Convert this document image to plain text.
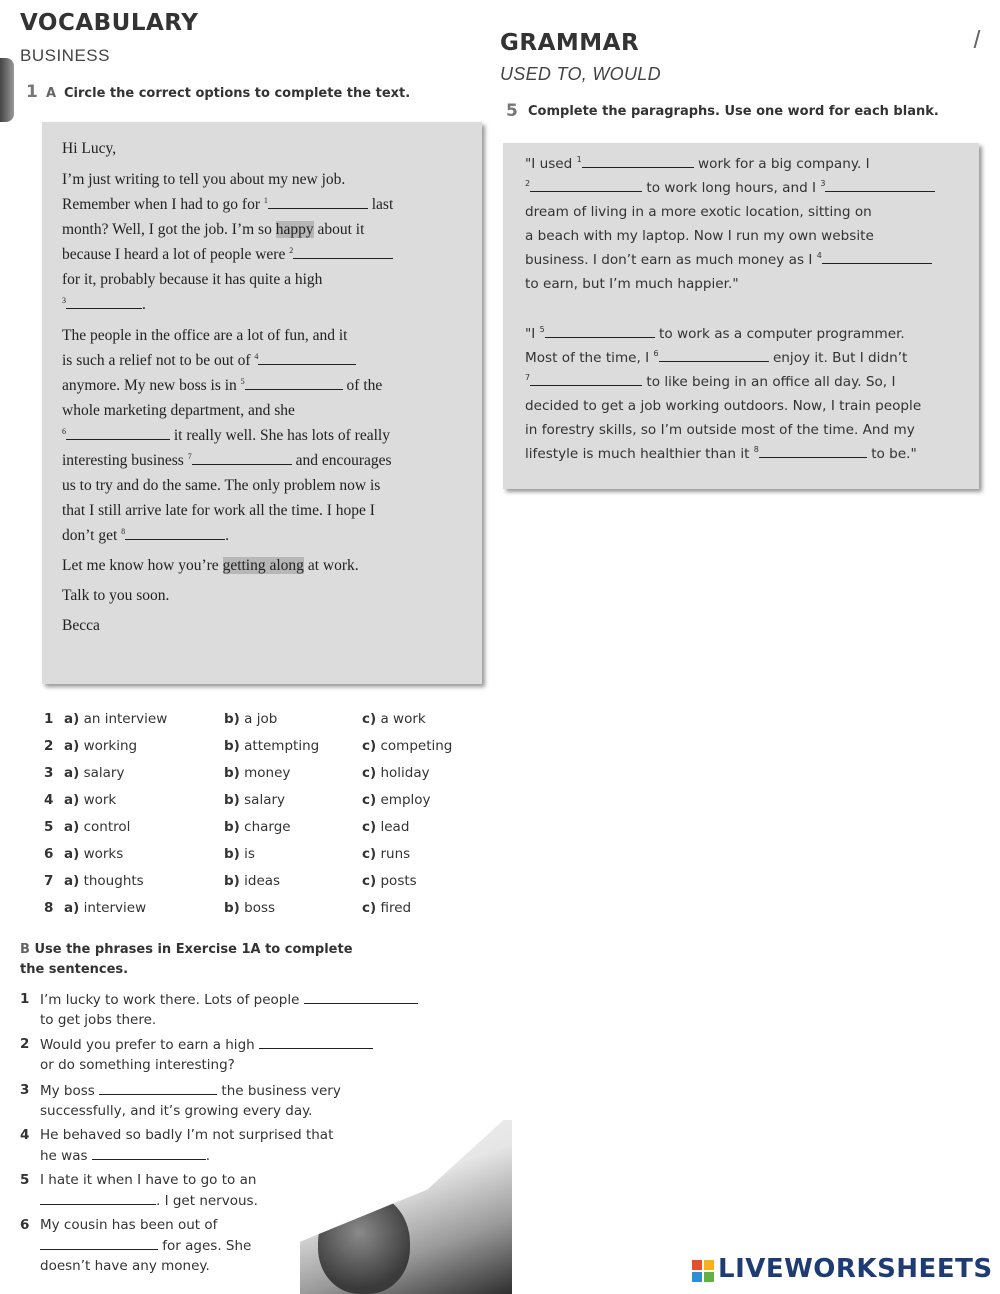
VOCABULARY
BUSINESS
1 A Circle the correct options to complete the text.

Hi Lucy,

I’m just writing to tell you about my new job.

Remember when I had to go for $^1$	last

month? Well, I got the job. I’m so happy about it

because I heard a lot of people were $^2$

for it, probably because it has quite a high

$^3$	.

The people in the office are a lot of fun, and it

is such a relief not to be out of $^4$

anymore. My new boss is in $^5$	of the

whole marketing department, and she

$^6$	it really well. She has lots of really

interesting business $^7$	and encourages

us to try and do the same. The only problem now is

that I still arrive late for work all the time. I hope I

don’t get $^8$	.

Let me know how you’re getting along at work.

Talk to you soon.

Becca

1 a) an interview	b) a job	c) a work
2 a) working	b) attempting	c) competing
3 a) salary	b) money	c) holiday
4 a) work	b) salary	c) employ
5 a) control	b) charge	c) lead
6 a) works	b) is	c) runs
7 a) thoughts	b) ideas	c) posts
8 a) interview	b) boss	c) fired
B Use the phrases in Exercise 1A to complete
the sentences.
1 I’m lucky to work there. Lots of people
to get jobs there.
2 Would you prefer to earn a high
or do something interesting?
3 My boss	the business very
successfully, and it’s growing every day.
4 He behaved so badly I’m not surprised that
he was	.
5 I hate it when I have to go to an
. I get nervous.
6 My cousin has been out of
for ages. She
doesn’t have any money.
GRAMMAR
USED TO, WOULD
5 Complete the paragraphs. Use one word for each blank.

"I used $^1$	work for a big company. I

$^2$	to work long hours, and I $^3$

dream of living in a more exotic location, sitting on

a beach with my laptop. Now I run my own website

business. I don’t earn as much money as I $^4$

to earn, but I’m much happier."

"I $^5$	to work as a computer programmer.

Most of the time, I $^6$	enjoy it. But I didn’t

$^7$	to like being in an office all day. So, I

decided to get a job working outdoors. Now, I train people

in forestry skills, so I’m outside most of the time. And my

lifestyle is much healthier than it $^8$	to be."

LIVEWORKSHEETS
